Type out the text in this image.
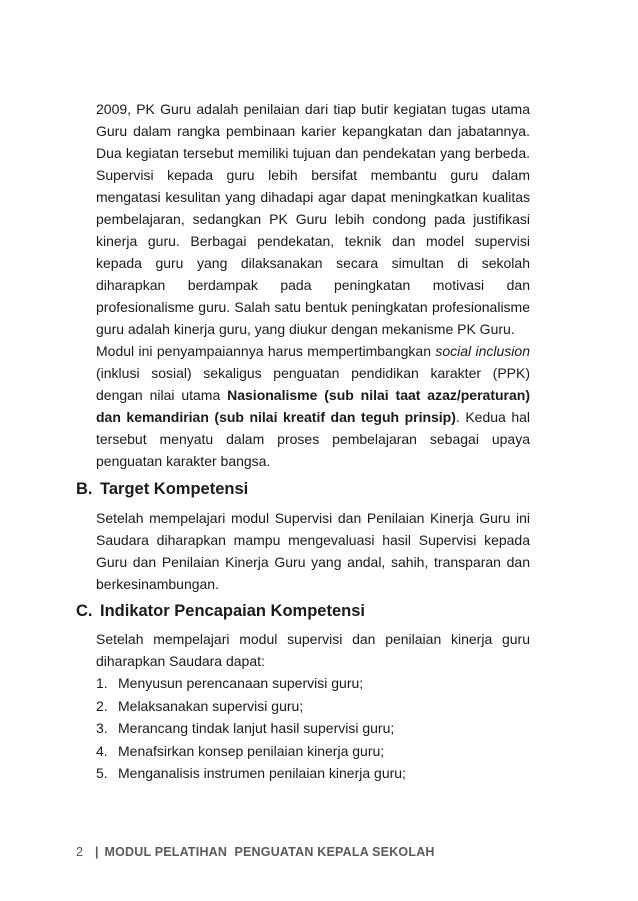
2009, PK Guru adalah penilaian dari tiap butir kegiatan tugas utama Guru dalam rangka pembinaan karier kepangkatan dan jabatannya. Dua kegiatan tersebut memiliki tujuan dan pendekatan yang berbeda. Supervisi kepada guru lebih bersifat membantu guru dalam mengatasi kesulitan yang dihadapi agar dapat meningkatkan kualitas pembelajaran, sedangkan PK Guru lebih condong pada justifikasi kinerja guru. Berbagai pendekatan, teknik dan model supervisi kepada guru yang dilaksanakan secara simultan di sekolah diharapkan berdampak pada peningkatan motivasi dan profesionalisme guru. Salah satu bentuk peningkatan profesionalisme guru adalah kinerja guru, yang diukur dengan mekanisme PK Guru.

Modul ini penyampaiannya harus mempertimbangkan social inclusion (inklusi sosial) sekaligus penguatan pendidikan karakter (PPK) dengan nilai utama Nasionalisme (sub nilai taat azaz/peraturan) dan kemandirian (sub nilai kreatif dan teguh prinsip). Kedua hal tersebut menyatu dalam proses pembelajaran sebagai upaya penguatan karakter bangsa.

B. Target Kompetensi

Setelah mempelajari modul Supervisi dan Penilaian Kinerja Guru ini Saudara diharapkan mampu mengevaluasi hasil Supervisi kepada Guru dan Penilaian Kinerja Guru yang andal, sahih, transparan dan berkesinambungan.

C. Indikator Pencapaian Kompetensi

Setelah mempelajari modul supervisi dan penilaian kinerja guru diharapkan Saudara dapat:

1. Menyusun perencanaan supervisi guru;
2. Melaksanakan supervisi guru;
3. Merancang tindak lanjut hasil supervisi guru;
4. Menafsirkan konsep penilaian kinerja guru;
5. Menganalisis instrumen penilaian kinerja guru;
2 | MODUL PELATIHAN  PENGUATAN KEPALA SEKOLAH
